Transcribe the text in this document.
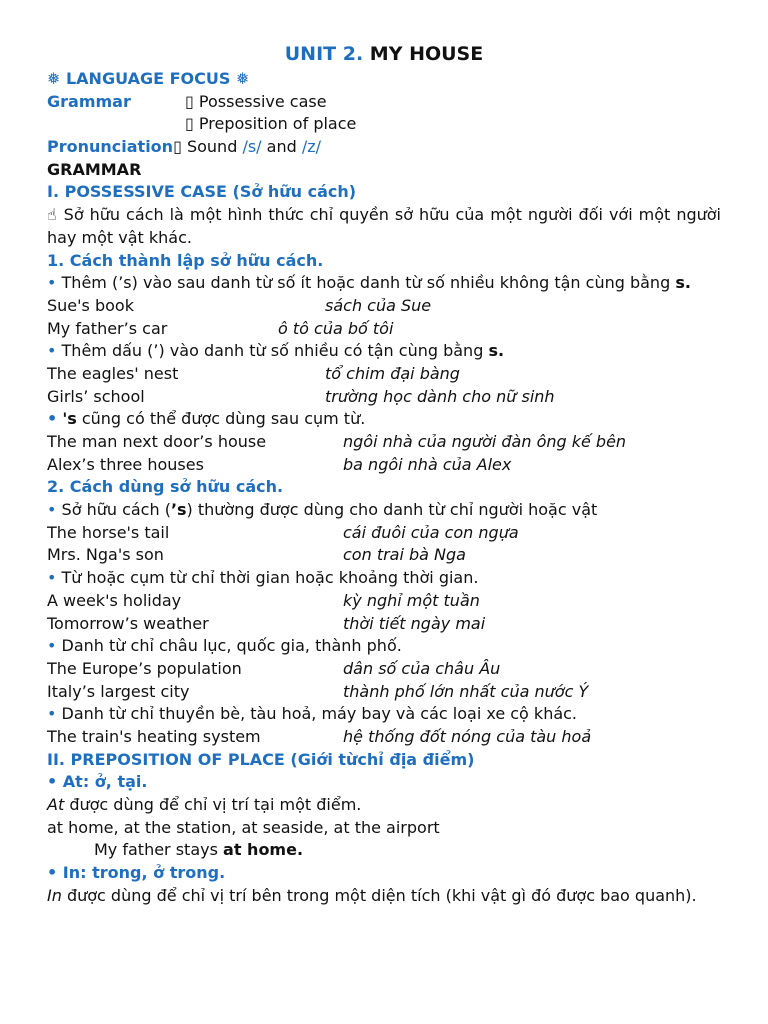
UNIT 2. MY HOUSE
❅ LANGUAGE FOCUS ❅
Grammar	▯ Possessive case
▯ Preposition of place
Pronunciation▯ Sound /s/ and /z/
GRAMMAR
I. POSSESSIVE CASE (Sở hữu cách)
☝ Sở hữu cách là một hình thức chỉ quyền sở hữu của một người đối với một người hay một vật khác.
1. Cách thành lập sở hữu cách.
• Thêm (’s) vào sau danh từ số ít hoặc danh từ số nhiều không tận cùng bằng s.
Sue's book	sách của Sue
My father’s car	ô tô của bố tôi
• Thêm dấu (’) vào danh từ số nhiều có tận cùng bằng s.
The eagles' nest	tổ chim đại bàng
Girls’ school	trường học dành cho nữ sinh
• 's cũng có thể được dùng sau cụm từ.
The man next door’s house	ngôi nhà của người đàn ông kế bên
Alex’s three houses	ba ngôi nhà của Alex
2. Cách dùng sở hữu cách.
• Sở hữu cách (’s) thường được dùng cho danh từ chỉ người hoặc vật
The horse's tail	cái đuôi của con ngựa
Mrs. Nga's son	con trai bà Nga
• Từ hoặc cụm từ chỉ thời gian hoặc khoảng thời gian.
A week's holiday	kỳ nghỉ một tuần
Tomorrow’s weather	thời tiết ngày mai
• Danh từ chỉ châu lục, quốc gia, thành phố.
The Europe’s population	dân số của châu Âu
Italy’s largest city	thành phố lớn nhất của nước Ý
• Danh từ chỉ thuyền bè, tàu hoả, máy bay và các loại xe cộ khác.
The train's heating system	hệ thống đốt nóng của tàu hoả
II. PREPOSITION OF PLACE (Giới từchỉ địa điểm)
• At: ở, tại.
At được dùng để chỉ vị trí tại một điểm.
at home, at the station, at seaside, at the airport
My father stays at home.
• In: trong, ở trong.
In được dùng để chỉ vị trí bên trong một diện tích (khi vật gì đó được bao quanh).
